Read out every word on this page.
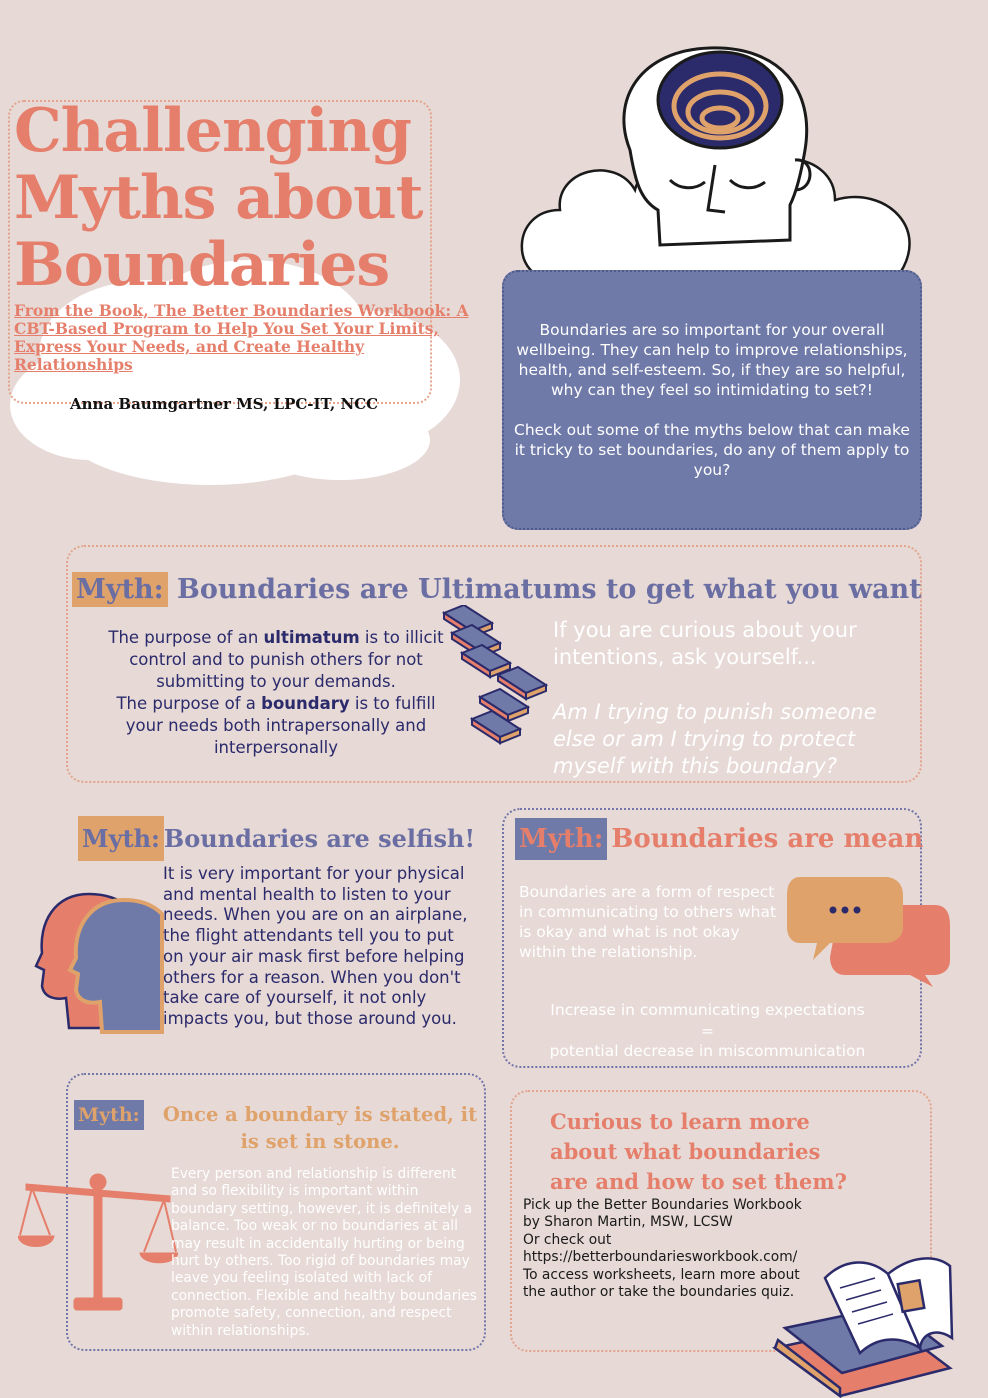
Challenging
Myths about
Boundaries
From the Book, The Better Boundaries Workbook: A CBT-Based Program to Help You Set Your Limits, Express Your Needs, and Create Healthy Relationships
Anna Baumgartner MS, LPC-IT, NCC

Boundaries are so important for your overall wellbeing. They can help to improve relationships, health, and self-esteem. So, if they are so helpful, why can they feel so intimidating to set?!

Check out some of the myths below that can make it tricky to set boundaries, do any of them apply to you?

Myth: Boundaries are Ultimatums to get what you want
The purpose of an ultimatum is to illicit control and to punish others for not submitting to your demands.
The purpose of a boundary is to fulfill your needs both intrapersonally and interpersonally
If you are curious about your intentions, ask yourself...
Am I trying to punish someone else or am I trying to protect myself with this boundary?
Myth: Boundaries are selfish!
It is very important for your physical and mental health to listen to your needs. When you are on an airplane, the flight attendants tell you to put on your air mask first before helping others for a reason. When you don't take care of yourself, it not only impacts you, but those around you.
Myth: Boundaries are mean
Boundaries are a form of respect in communicating to others what is okay and what is not okay within the relationship.
Increase in communicating expectations
=
potential decrease in miscommunication
Myth:	Once a boundary is stated, it
is set in stone.
Every person and relationship is different and so flexibility is important within boundary setting, however, it is definitely a balance. Too weak or no boundaries at all may result in accidentally hurting or being hurt by others. Too rigid of boundaries may leave you feeling isolated with lack of connection. Flexible and healthy boundaries promote safety, connection, and respect within relationships.
Curious to learn more about what boundaries are and how to set them?
Pick up the Better Boundaries Workbook
by Sharon Martin, MSW, LCSW
Or check out
https://betterboundariesworkbook.com/
To access worksheets, learn more about the author or take the boundaries quiz.
